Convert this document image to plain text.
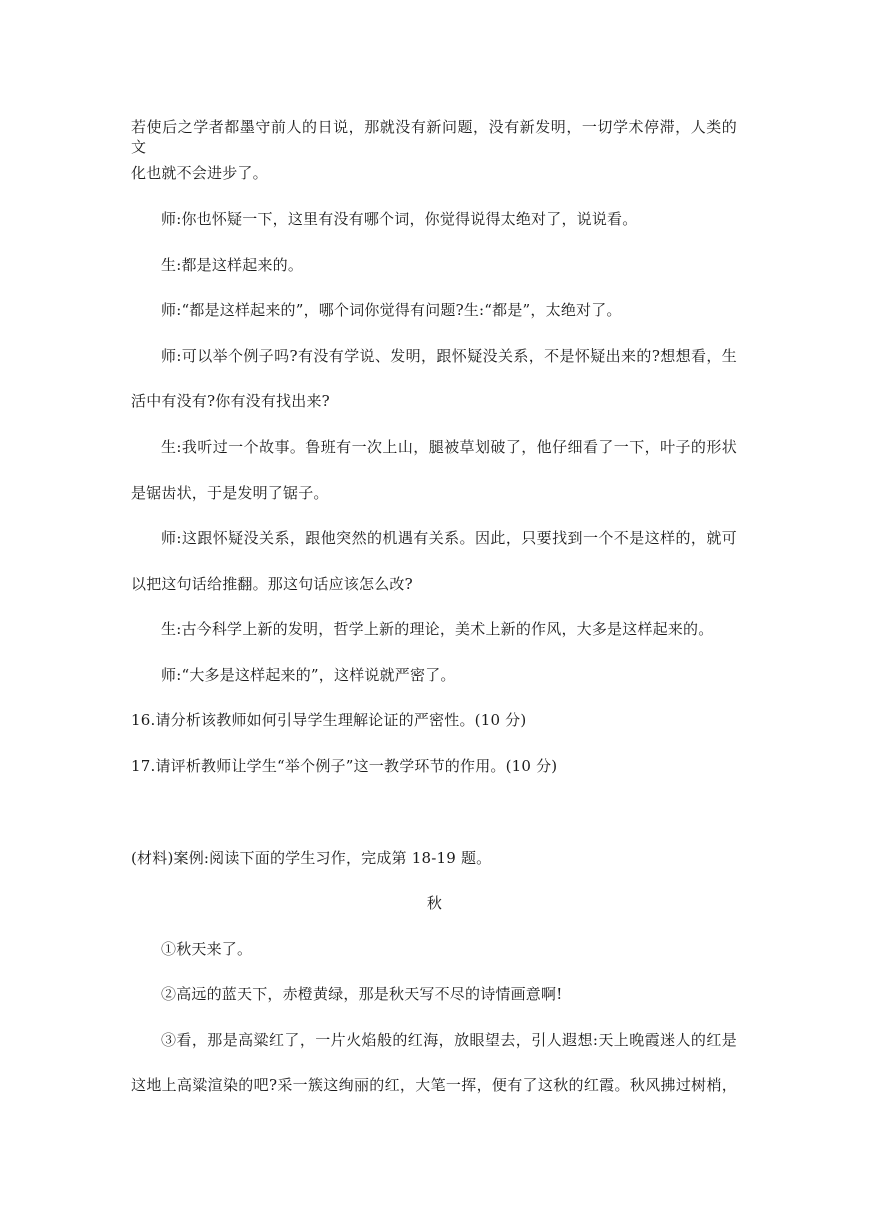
若使后之学者都墨守前人的日说，那就没有新问题，没有新发明，一切学术停滞，人类的文
化也就不会进步了。
师:你也怀疑一下，这里有没有哪个词，你觉得说得太绝对了，说说看。
生:都是这样起来的。
师:“都是这样起来的”，哪个词你觉得有问题?生:“都是”，太绝对了。
师:可以举个例子吗?有没有学说、发明，跟怀疑没关系，不是怀疑出来的?想想看，生
活中有没有?你有没有找出来?
生:我听过一个故事。鲁班有一次上山，腿被草划破了，他仔细看了一下，叶子的形状
是锯齿状，于是发明了锯子。
师:这跟怀疑没关系，跟他突然的机遇有关系。因此，只要找到一个不是这样的，就可
以把这句话给推翻。那这句话应该怎么改?
生:古今科学上新的发明，哲学上新的理论，美术上新的作风，大多是这样起来的。
师:“大多是这样起来的”，这样说就严密了。
16.请分析该教师如何引导学生理解论证的严密性。(10 分)
17.请评析教师让学生“举个例子”这一教学环节的作用。(10 分)
(材料)案例:阅读下面的学生习作，完成第 18-19 题。
秋
①秋天来了。
②高远的蓝天下，赤橙黄绿，那是秋天写不尽的诗情画意啊!
③看，那是高粱红了，一片火焰般的红海，放眼望去，引人遐想:天上晚霞迷人的红是
这地上高粱渲染的吧?采一簇这绚丽的红，大笔一挥，便有了这秋的红霞。秋风拂过树梢，
